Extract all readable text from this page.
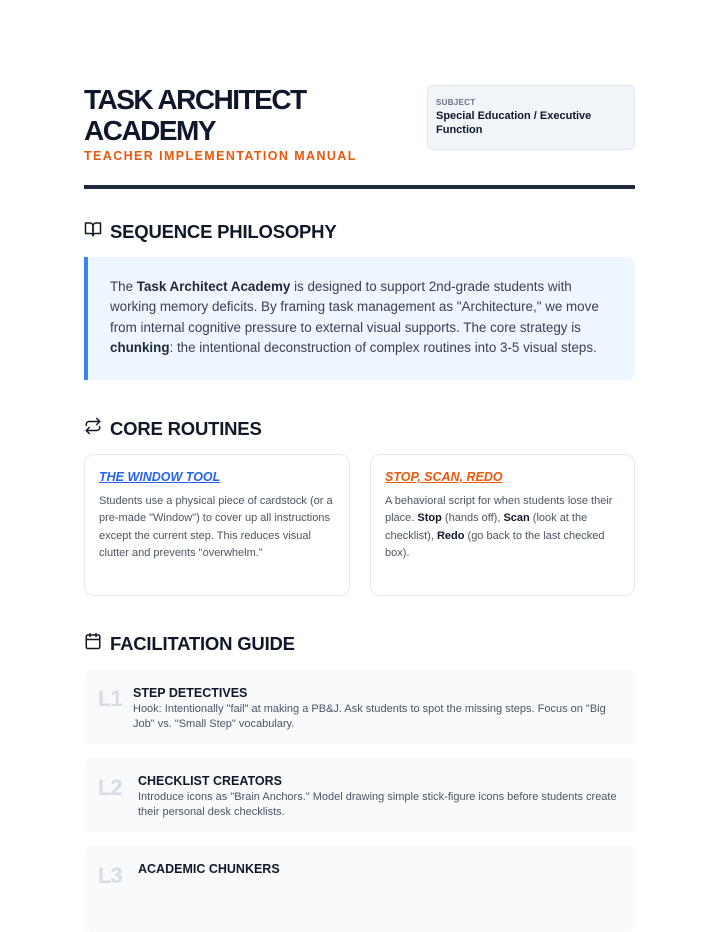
TASK ARCHITECT
ACADEMY
TEACHER IMPLEMENTATION MANUAL
SUBJECT
Special Education / Executive Function
SEQUENCE PHILOSOPHY
The Task Architect Academy is designed to support 2nd-grade students with working memory deficits. By framing task management as "Architecture," we move from internal cognitive pressure to external visual supports. The core strategy is chunking: the intentional deconstruction of complex routines into 3-5 visual steps.
CORE ROUTINES
THE WINDOW TOOL

Students use a physical piece of cardstock (or a pre-made "Window") to cover up all instructions except the current step. This reduces visual clutter and prevents "overwhelm."

STOP, SCAN, REDO

A behavioral script for when students lose their place. Stop (hands off), Scan (look at the checklist), Redo (go back to the last checked box).

FACILITATION GUIDE
L1 STEP DETECTIVES
Hook: Intentionally "fail" at making a PB&J. Ask students to spot the missing steps. Focus on "Big Job" vs. "Small Step" vocabulary.
L2 CHECKLIST CREATORS
Introduce icons as "Brain Anchors." Model drawing simple stick-figure icons before students create their personal desk checklists.
L3 ACADEMIC CHUNKERS
